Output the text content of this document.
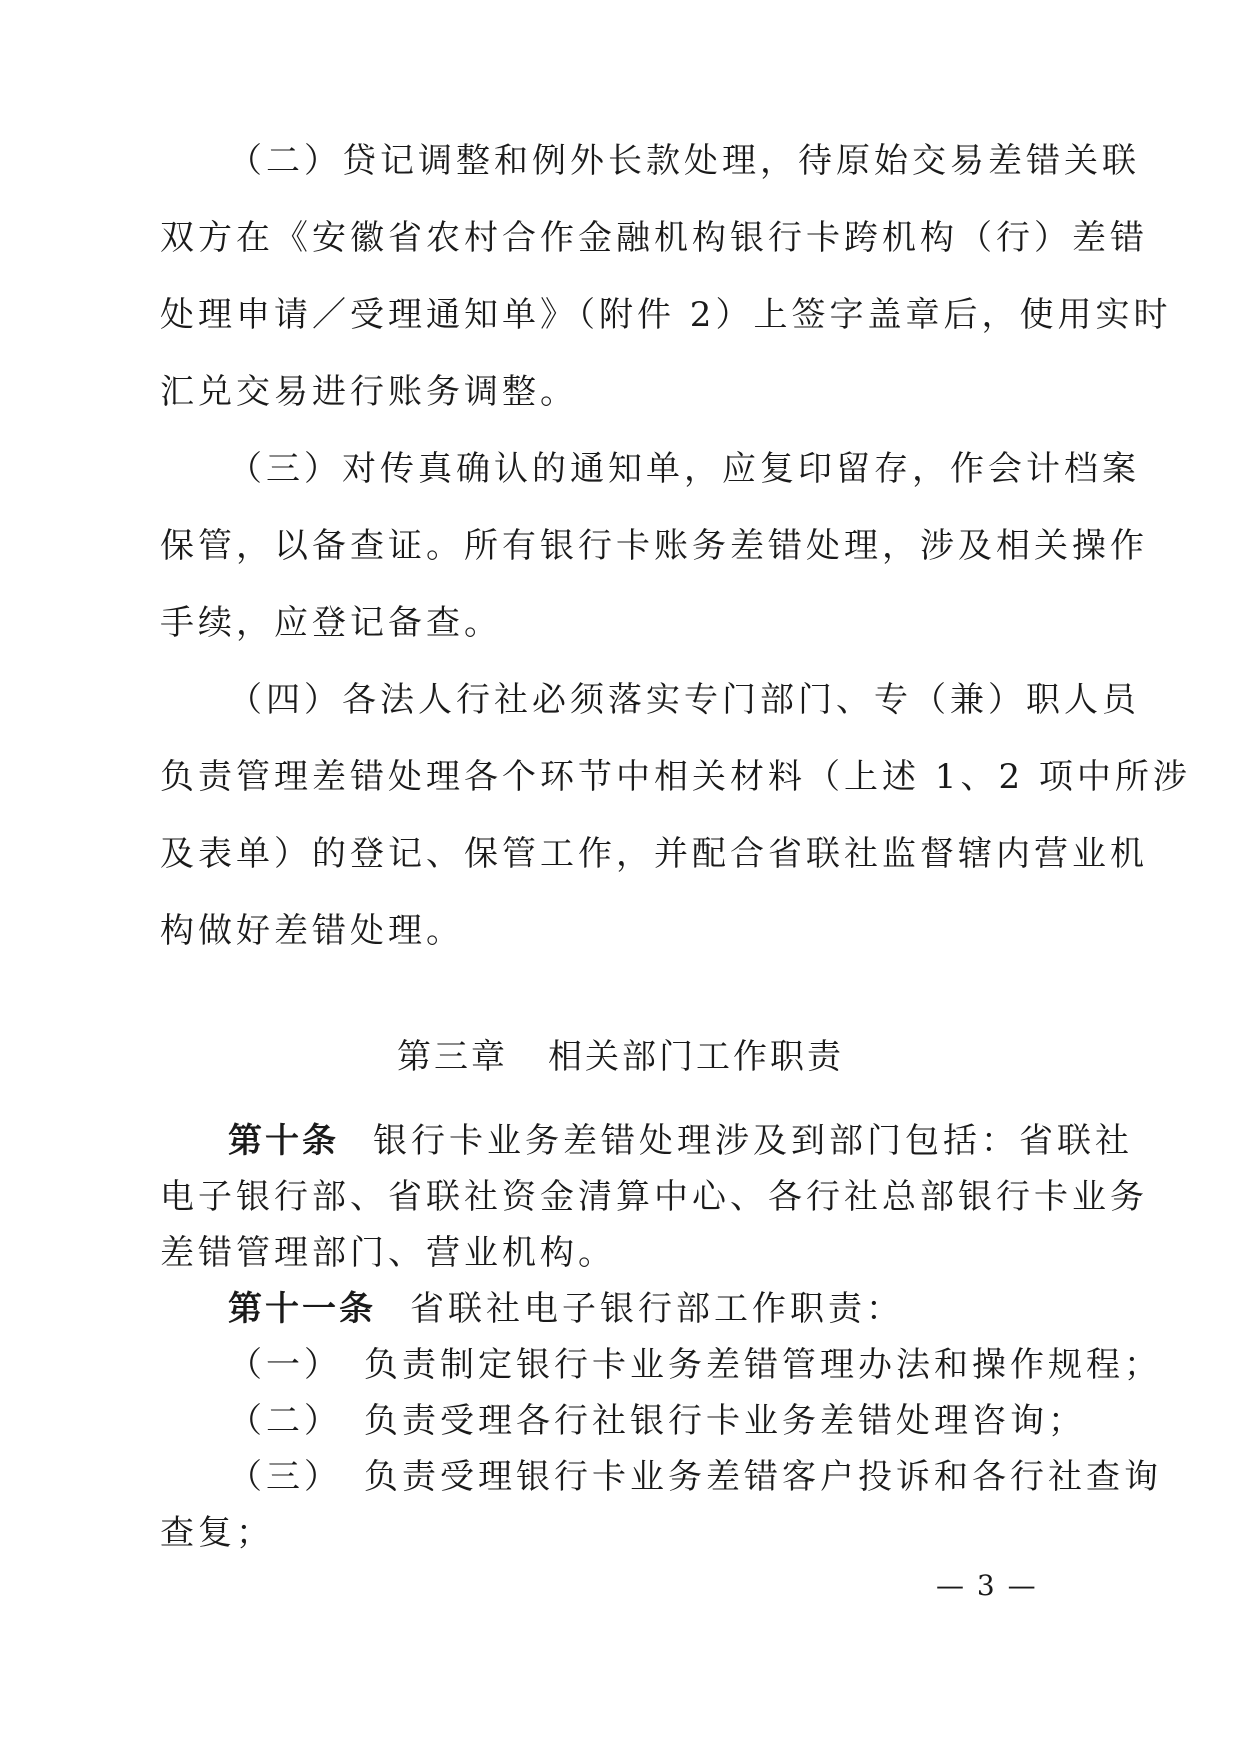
（二）贷记调整和例外长款处理，待原始交易差错关联
双方在《安徽省农村合作金融机构银行卡跨机构（行）差错
处理申请／受理通知单》（附件 2）上签字盖章后，使用实时
汇兑交易进行账务调整。
（三）对传真确认的通知单，应复印留存，作会计档案
保管，以备查证。所有银行卡账务差错处理，涉及相关操作
手续，应登记备查。
（四）各法人行社必须落实专门部门、专（兼）职人员
负责管理差错处理各个环节中相关材料（上述 1、2 项中所涉
及表单）的登记、保管工作，并配合省联社监督辖内营业机
构做好差错处理。
第三章 相关部门工作职责
第十条 银行卡业务差错处理涉及到部门包括：省联社
电子银行部、省联社资金清算中心、各行社总部银行卡业务
差错管理部门、营业机构。
第十一条 省联社电子银行部工作职责：
（一） 负责制定银行卡业务差错管理办法和操作规程；
（二） 负责受理各行社银行卡业务差错处理咨询；
（三） 负责受理银行卡业务差错客户投诉和各行社查询
查复；
— 3 —
